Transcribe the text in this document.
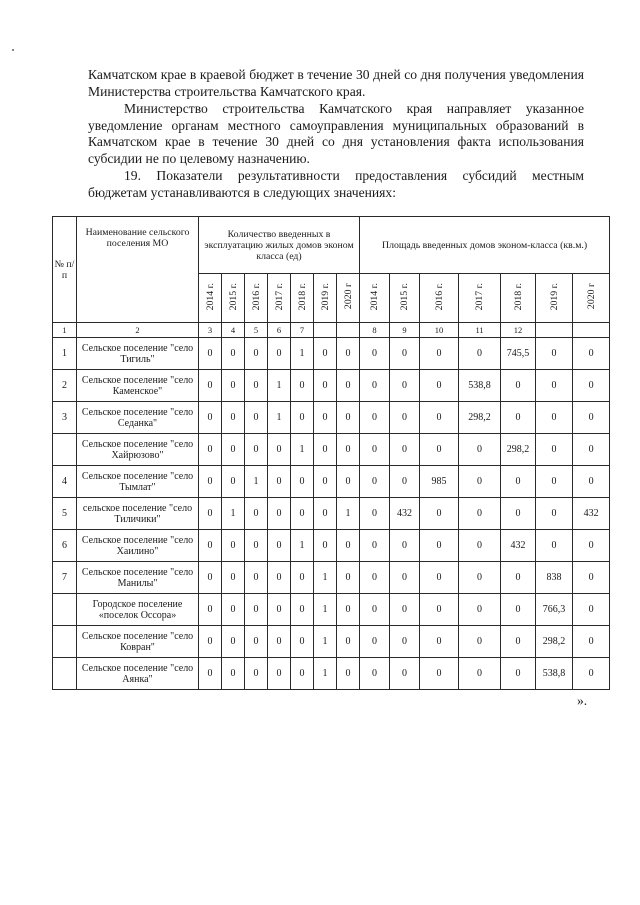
Камчатском крае в краевой бюджет в течение 30 дней со дня получения уведомления Министерства строительства Камчатского края.
Министерство строительства Камчатского края направляет указанное уведомление органам местного самоуправления муниципальных образований в Камчатском крае в течение 30 дней со дня установления факта использования субсидии не по целевому назначению.
19. Показатели результативности предоставления субсидий местным бюджетам устанавливаются в следующих значениях:
№ п/п	Наименование сельского поселения МО	Количество введенных в эксплуатацию жилых домов эконом класса (ед)							Площадь введенных домов эконом-класса (кв.м.)						
		2014 г.	2015 г.	2016 г.	2017 г.	2018 г.	2019 г.	2020 г	2014 г.	2015 г.	2016 г.	2017 г.	2018 г.	2019 г.	2020 г
1	2	3	4	5	6	7			8	9	10	11	12		
1	Сельское поселение "село Тигиль"	0	0	0	0	1	0	0	0	0	0	0	745,5	0	0
2	Сельское поселение "село Каменское"	0	0	0	1	0	0	0	0	0	0	538,8	0	0	0
3	Сельское поселение "село Седанка"	0	0	0	1	0	0	0	0	0	0	298,2	0	0	0
	Сельское поселение "село Хайрюзово"	0	0	0	0	1	0	0	0	0	0	0	298,2	0	0
4	Сельское поселение "село Тымлат"	0	0	1	0	0	0	0	0	0	985	0	0	0	0
5	сельское поселение "село Тиличики"	0	1	0	0	0	0	1	0	432	0	0	0	0	432
6	Сельское поселение "село Хаилино"	0	0	0	0	1	0	0	0	0	0	0	432	0	0
7	Сельское поселение "село Манилы"	0	0	0	0	0	1	0	0	0	0	0	0	838	0
	Городское поселение «поселок Оссора»	0	0	0	0	0	1	0	0	0	0	0	0	766,3	0
	Сельское поселение "село Ковран"	0	0	0	0	0	1	0	0	0	0	0	0	298,2	0
	Сельское поселение "село Аянка"	0	0	0	0	0	1	0	0	0	0	0	0	538,8	0
».
